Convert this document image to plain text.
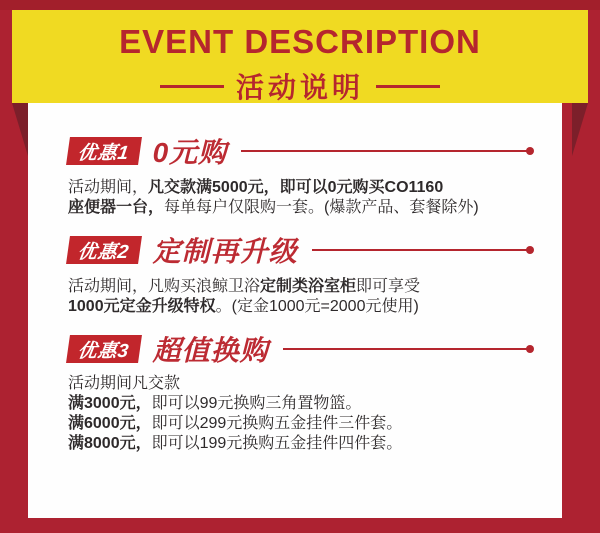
EVENT DESCRIPTION
活动说明
优惠1 0元购

活动期间，凡交款满5000元，即可以0元购买CO1160

座便器一台，每单每户仅限购一套。(爆款产品、套餐除外)

优惠2 定制再升级

活动期间，凡购买浪鲸卫浴定制类浴室柜即可享受

1000元定金升级特权。(定金1000元=2000元使用)

优惠3 超值换购

活动期间凡交款

满3000元，即可以99元换购三角置物篮。

满6000元，即可以299元换购五金挂件三件套。

满8000元，即可以199元换购五金挂件四件套。
